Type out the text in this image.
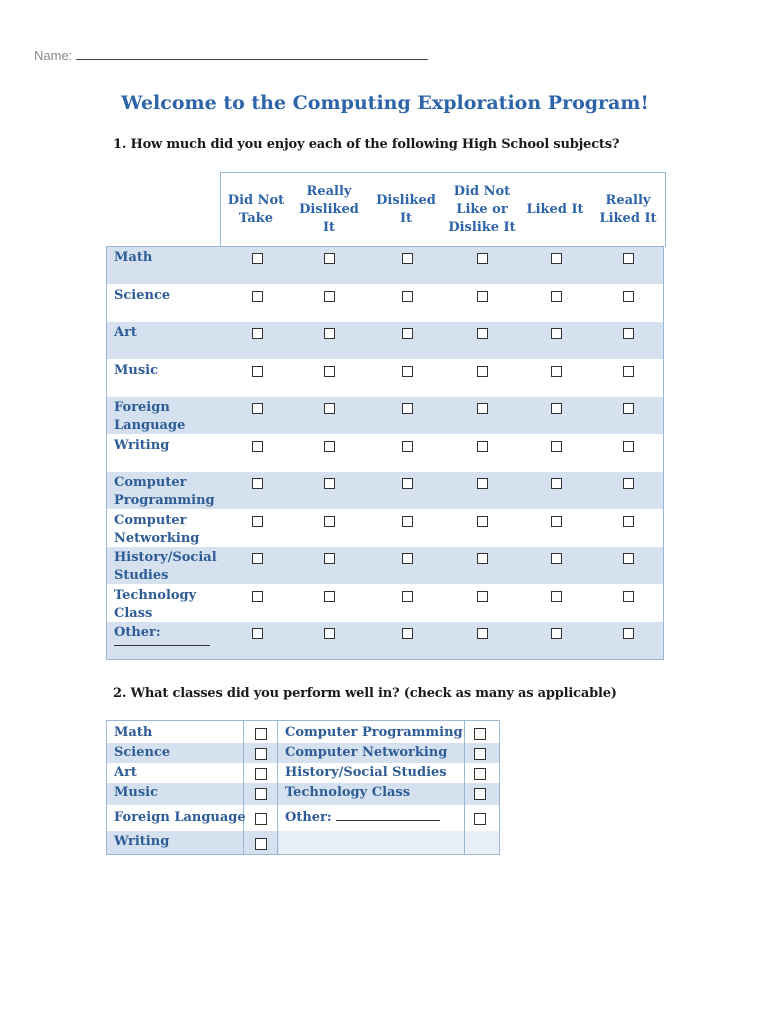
Name:
Welcome to the Computing Exploration Program!
1. How much did you enjoy each of the following High School subjects?
Did Not Take
Really Disliked It
Disliked It
Did Not Like or Dislike It
Liked It
Really Liked It
Math
Science
Art
Music
Foreign Language
Writing
Computer Programming
Computer Networking
History/Social Studies
Technology Class
Other:
2. What classes did you perform well in? (check as many as applicable)
Math
Science
Art
Music
Foreign Language
Writing
Computer Programming
Computer Networking
History/Social Studies
Technology Class
Other:
